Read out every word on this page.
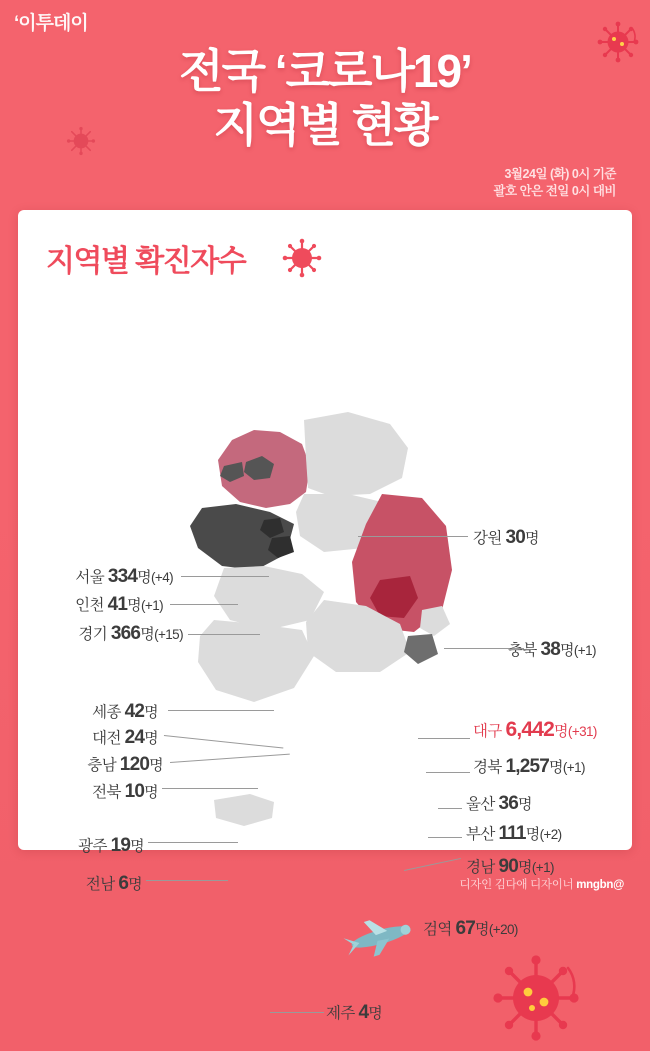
‘이투데이
전국 ‘코로나19’
지역별 현황
3월24일 (화) 0시 기준
괄호 안은 전일 0시 대비
지역별 확진자수
서울 334명(+4)
인천 41명(+1)
경기 366명(+15)
세종 42명
대전 24명
충남 120명
전북 10명
광주 19명
전남 6명
강원 30명
충북 38명(+1)
대구 6,442명(+31)
경북 1,257명(+1)
울산 36명
부산 111명(+2)
경남 90명(+1)
검역 67명(+20)
제주 4명
디자인 김다애 디자이너 mngbn@
